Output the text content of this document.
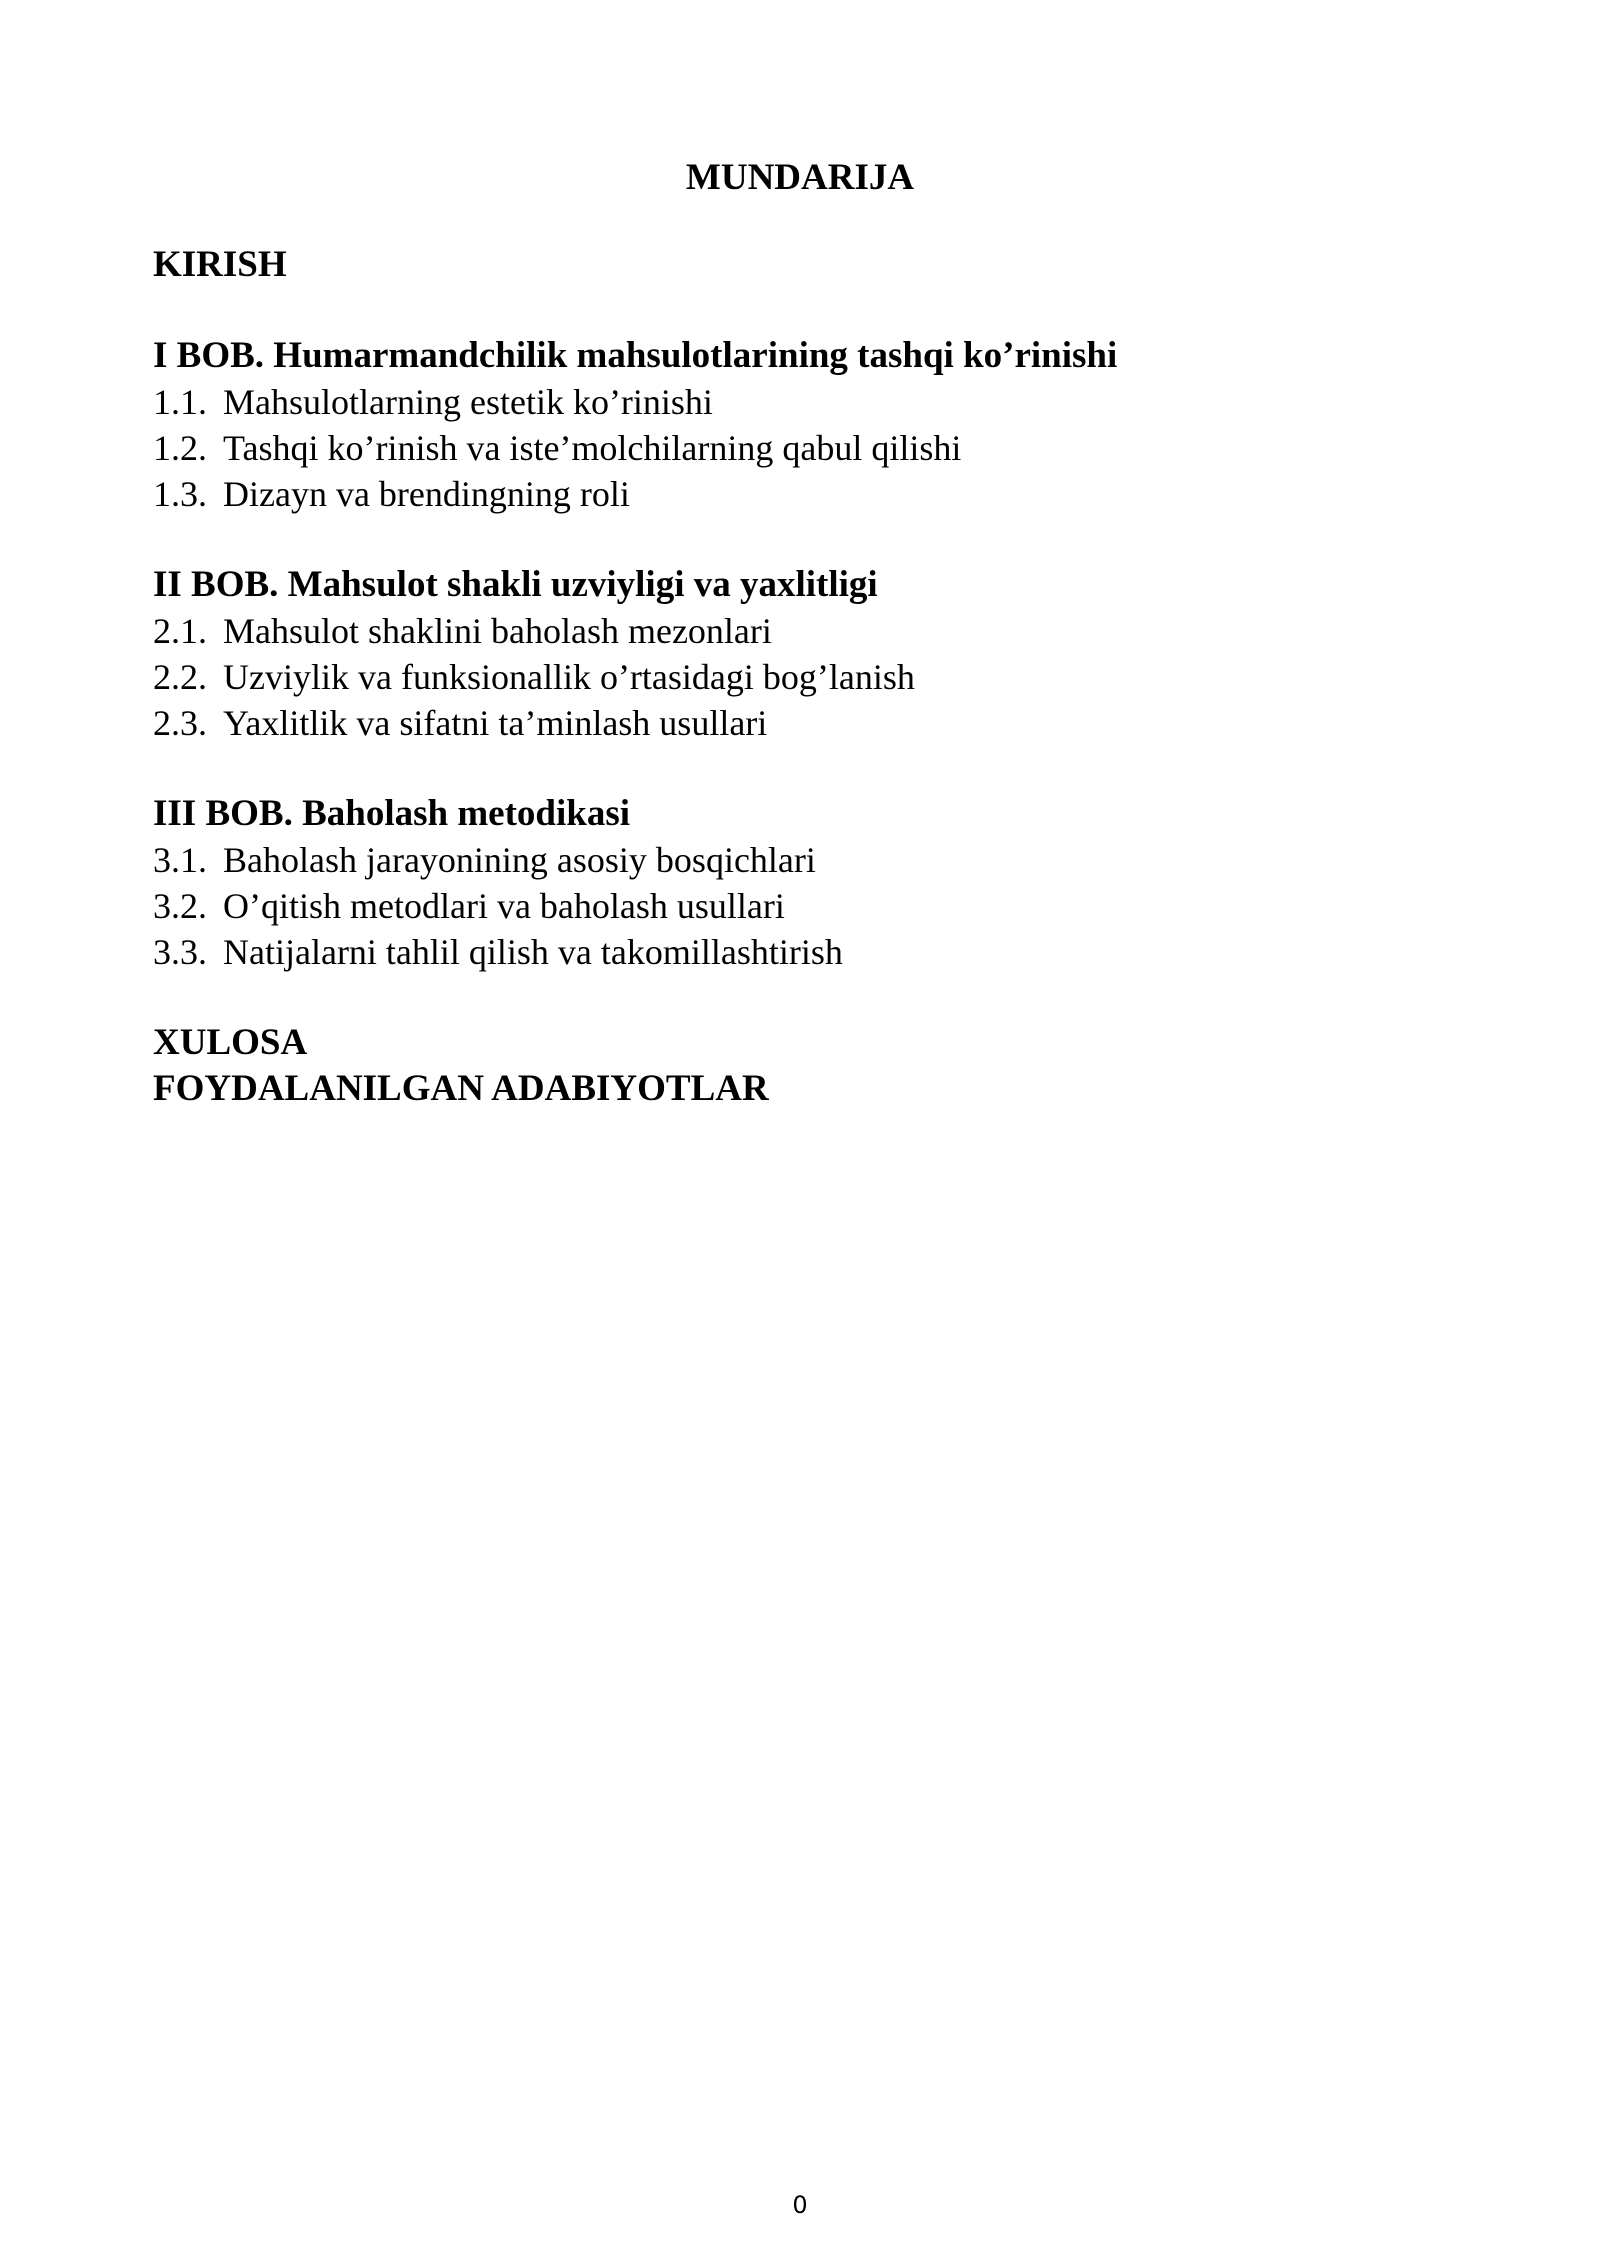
MUNDARIJA

KIRISH

I BOB. Humarmandchilik mahsulotlarining tashqi ko’rinishi

1.1. Mahsulotlarning estetik ko’rinishi

1.2. Tashqi ko’rinish va iste’molchilarning qabul qilishi

1.3. Dizayn va brendingning roli

II BOB. Mahsulot shakli uzviyligi va yaxlitligi

2.1. Mahsulot shaklini baholash mezonlari

2.2. Uzviylik va funksionallik o’rtasidagi bog’lanish

2.3. Yaxlitlik va sifatni ta’minlash usullari

III BOB. Baholash metodikasi

3.1. Baholash jarayonining asosiy bosqichlari

3.2. O’qitish metodlari va baholash usullari

3.3. Natijalarni tahlil qilish va takomillashtirish

XULOSA

FOYDALANILGAN ADABIYOTLAR

0
